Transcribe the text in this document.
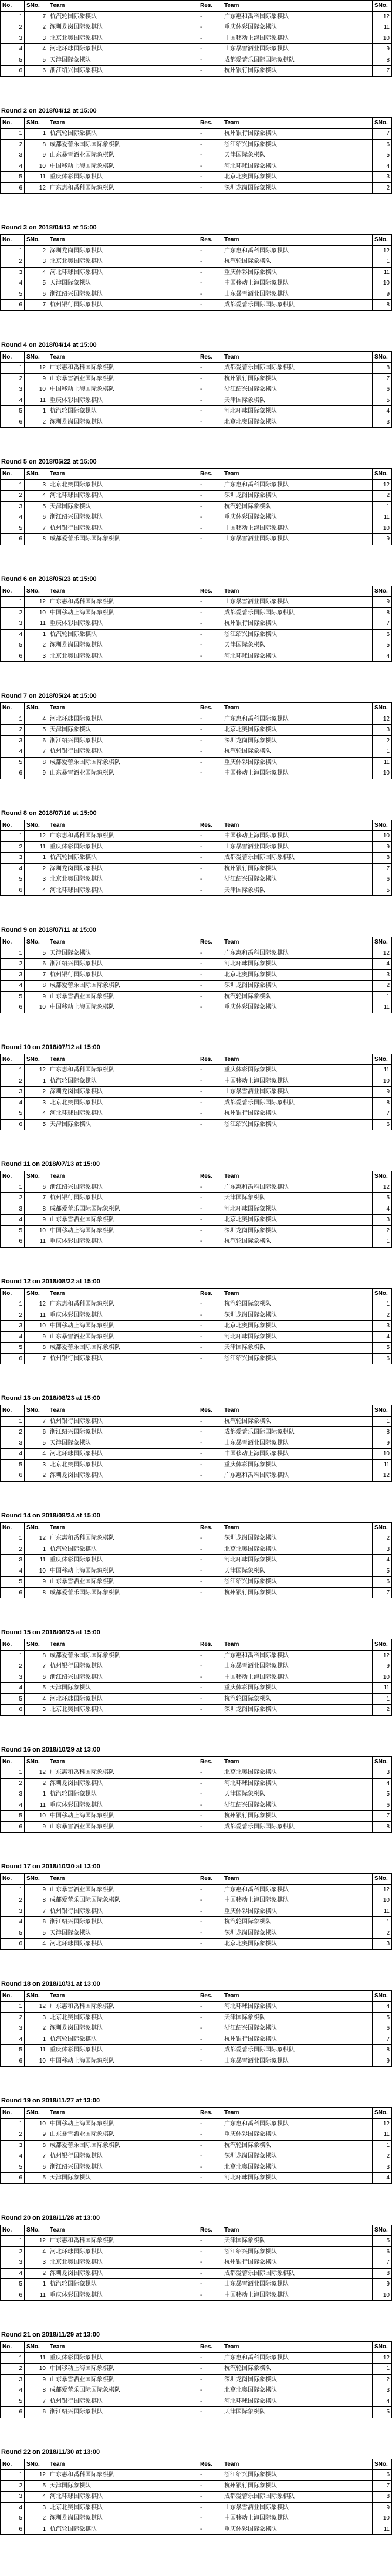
No.	SNo.	Team	Res.	Team	SNo.
1	7	杭汽轮国际象棋队	-	广东惠和禹科国际象棋队	12
2	2	深圳龙岗国际象棋队	-	重庆体彩国际象棋队	11
3	3	北京北奥国际象棋队	-	中国移动上海国际象棋队	10
4	4	河北环球国际象棋队	-	山东暴雪酒业国际象棋队	9
5	5	天津国际象棋队	-	成都爱蕾乐国际国际象棋队	8
6	6	浙江绍兴国际象棋队	-	杭州银行国际象棋队	7
Round 2 on 2018/04/12 at 15:00
No.	SNo.	Team	Res.	Team	SNo.
1	1	杭汽轮国际象棋队	-	杭州银行国际象棋队	7
2	8	成都爱蕾乐国际国际象棋队	-	浙江绍兴国际象棋队	6
3	9	山东暴雪酒业国际象棋队	-	天津国际象棋队	5
4	10	中国移动上海国际象棋队	-	河北环球国际象棋队	4
5	11	重庆体彩国际象棋队	-	北京北奥国际象棋队	3
6	12	广东惠和禹科国际象棋队	-	深圳龙岗国际象棋队	2
Round 3 on 2018/04/13 at 15:00
No.	SNo.	Team	Res.	Team	SNo.
1	2	深圳龙岗国际象棋队	-	广东惠和禹科国际象棋队	12
2	3	北京北奥国际象棋队	-	杭汽轮国际象棋队	1
3	4	河北环球国际象棋队	-	重庆体彩国际象棋队	11
4	5	天津国际象棋队	-	中国移动上海国际象棋队	10
5	6	浙江绍兴国际象棋队	-	山东暴雪酒业国际象棋队	9
6	7	杭州银行国际象棋队	-	成都爱蕾乐国际国际象棋队	8
Round 4 on 2018/04/14 at 15:00
No.	SNo.	Team	Res.	Team	SNo.
1	12	广东惠和禹科国际象棋队	-	成都爱蕾乐国际国际象棋队	8
2	9	山东暴雪酒业国际象棋队	-	杭州银行国际象棋队	7
3	10	中国移动上海国际象棋队	-	浙江绍兴国际象棋队	6
4	11	重庆体彩国际象棋队	-	天津国际象棋队	5
5	1	杭汽轮国际象棋队	-	河北环球国际象棋队	4
6	2	深圳龙岗国际象棋队	-	北京北奥国际象棋队	3
Round 5 on 2018/05/22 at 15:00
No.	SNo.	Team	Res.	Team	SNo.
1	3	北京北奥国际象棋队	-	广东惠和禹科国际象棋队	12
2	4	河北环球国际象棋队	-	深圳龙岗国际象棋队	2
3	5	天津国际象棋队	-	杭汽轮国际象棋队	1
4	6	浙江绍兴国际象棋队	-	重庆体彩国际象棋队	11
5	7	杭州银行国际象棋队	-	中国移动上海国际象棋队	10
6	8	成都爱蕾乐国际国际象棋队	-	山东暴雪酒业国际象棋队	9
Round 6 on 2018/05/23 at 15:00
No.	SNo.	Team	Res.	Team	SNo.
1	12	广东惠和禹科国际象棋队	-	山东暴雪酒业国际象棋队	9
2	10	中国移动上海国际象棋队	-	成都爱蕾乐国际国际象棋队	8
3	11	重庆体彩国际象棋队	-	杭州银行国际象棋队	7
4	1	杭汽轮国际象棋队	-	浙江绍兴国际象棋队	6
5	2	深圳龙岗国际象棋队	-	天津国际象棋队	5
6	3	北京北奥国际象棋队	-	河北环球国际象棋队	4
Round 7 on 2018/05/24 at 15:00
No.	SNo.	Team	Res.	Team	SNo.
1	4	河北环球国际象棋队	-	广东惠和禹科国际象棋队	12
2	5	天津国际象棋队	-	北京北奥国际象棋队	3
3	6	浙江绍兴国际象棋队	-	深圳龙岗国际象棋队	2
4	7	杭州银行国际象棋队	-	杭汽轮国际象棋队	1
5	8	成都爱蕾乐国际国际象棋队	-	重庆体彩国际象棋队	11
6	9	山东暴雪酒业国际象棋队	-	中国移动上海国际象棋队	10
Round 8 on 2018/07/10 at 15:00
No.	SNo.	Team	Res.	Team	SNo.
1	12	广东惠和禹科国际象棋队	-	中国移动上海国际象棋队	10
2	11	重庆体彩国际象棋队	-	山东暴雪酒业国际象棋队	9
3	1	杭汽轮国际象棋队	-	成都爱蕾乐国际国际象棋队	8
4	2	深圳龙岗国际象棋队	-	杭州银行国际象棋队	7
5	3	北京北奥国际象棋队	-	浙江绍兴国际象棋队	6
6	4	河北环球国际象棋队	-	天津国际象棋队	5
Round 9 on 2018/07/11 at 15:00
No.	SNo.	Team	Res.	Team	SNo.
1	5	天津国际象棋队	-	广东惠和禹科国际象棋队	12
2	6	浙江绍兴国际象棋队	-	河北环球国际象棋队	4
3	7	杭州银行国际象棋队	-	北京北奥国际象棋队	3
4	8	成都爱蕾乐国际国际象棋队	-	深圳龙岗国际象棋队	2
5	9	山东暴雪酒业国际象棋队	-	杭汽轮国际象棋队	1
6	10	中国移动上海国际象棋队	-	重庆体彩国际象棋队	11
Round 10 on 2018/07/12 at 15:00
No.	SNo.	Team	Res.	Team	SNo.
1	12	广东惠和禹科国际象棋队	-	重庆体彩国际象棋队	11
2	1	杭汽轮国际象棋队	-	中国移动上海国际象棋队	10
3	2	深圳龙岗国际象棋队	-	山东暴雪酒业国际象棋队	9
4	3	北京北奥国际象棋队	-	成都爱蕾乐国际国际象棋队	8
5	4	河北环球国际象棋队	-	杭州银行国际象棋队	7
6	5	天津国际象棋队	-	浙江绍兴国际象棋队	6
Round 11 on 2018/07/13 at 15:00
No.	SNo.	Team	Res.	Team	SNo.
1	6	浙江绍兴国际象棋队	-	广东惠和禹科国际象棋队	12
2	7	杭州银行国际象棋队	-	天津国际象棋队	5
3	8	成都爱蕾乐国际国际象棋队	-	河北环球国际象棋队	4
4	9	山东暴雪酒业国际象棋队	-	北京北奥国际象棋队	3
5	10	中国移动上海国际象棋队	-	深圳龙岗国际象棋队	2
6	11	重庆体彩国际象棋队	-	杭汽轮国际象棋队	1
Round 12 on 2018/08/22 at 15:00
No.	SNo.	Team	Res.	Team	SNo.
1	12	广东惠和禹科国际象棋队	-	杭汽轮国际象棋队	1
2	11	重庆体彩国际象棋队	-	深圳龙岗国际象棋队	2
3	10	中国移动上海国际象棋队	-	北京北奥国际象棋队	3
4	9	山东暴雪酒业国际象棋队	-	河北环球国际象棋队	4
5	8	成都爱蕾乐国际国际象棋队	-	天津国际象棋队	5
6	7	杭州银行国际象棋队	-	浙江绍兴国际象棋队	6
Round 13 on 2018/08/23 at 15:00
No.	SNo.	Team	Res.	Team	SNo.
1	7	杭州银行国际象棋队	-	杭汽轮国际象棋队	1
2	6	浙江绍兴国际象棋队	-	成都爱蕾乐国际国际象棋队	8
3	5	天津国际象棋队	-	山东暴雪酒业国际象棋队	9
4	4	河北环球国际象棋队	-	中国移动上海国际象棋队	10
5	3	北京北奥国际象棋队	-	重庆体彩国际象棋队	11
6	2	深圳龙岗国际象棋队	-	广东惠和禹科国际象棋队	12
Round 14 on 2018/08/24 at 15:00
No.	SNo.	Team	Res.	Team	SNo.
1	12	广东惠和禹科国际象棋队	-	深圳龙岗国际象棋队	2
2	1	杭汽轮国际象棋队	-	北京北奥国际象棋队	3
3	11	重庆体彩国际象棋队	-	河北环球国际象棋队	4
4	10	中国移动上海国际象棋队	-	天津国际象棋队	5
5	9	山东暴雪酒业国际象棋队	-	浙江绍兴国际象棋队	6
6	8	成都爱蕾乐国际国际象棋队	-	杭州银行国际象棋队	7
Round 15 on 2018/08/25 at 15:00
No.	SNo.	Team	Res.	Team	SNo.
1	8	成都爱蕾乐国际国际象棋队	-	广东惠和禹科国际象棋队	12
2	7	杭州银行国际象棋队	-	山东暴雪酒业国际象棋队	9
3	6	浙江绍兴国际象棋队	-	中国移动上海国际象棋队	10
4	5	天津国际象棋队	-	重庆体彩国际象棋队	11
5	4	河北环球国际象棋队	-	杭汽轮国际象棋队	1
6	3	北京北奥国际象棋队	-	深圳龙岗国际象棋队	2
Round 16 on 2018/10/29 at 13:00
No.	SNo.	Team	Res.	Team	SNo.
1	12	广东惠和禹科国际象棋队	-	北京北奥国际象棋队	3
2	2	深圳龙岗国际象棋队	-	河北环球国际象棋队	4
3	1	杭汽轮国际象棋队	-	天津国际象棋队	5
4	11	重庆体彩国际象棋队	-	浙江绍兴国际象棋队	6
5	10	中国移动上海国际象棋队	-	杭州银行国际象棋队	7
6	9	山东暴雪酒业国际象棋队	-	成都爱蕾乐国际国际象棋队	8
Round 17 on 2018/10/30 at 13:00
No.	SNo.	Team	Res.	Team	SNo.
1	9	山东暴雪酒业国际象棋队	-	广东惠和禹科国际象棋队	12
2	8	成都爱蕾乐国际国际象棋队	-	中国移动上海国际象棋队	10
3	7	杭州银行国际象棋队	-	重庆体彩国际象棋队	11
4	6	浙江绍兴国际象棋队	-	杭汽轮国际象棋队	1
5	5	天津国际象棋队	-	深圳龙岗国际象棋队	2
6	4	河北环球国际象棋队	-	北京北奥国际象棋队	3
Round 18 on 2018/10/31 at 13:00
No.	SNo.	Team	Res.	Team	SNo.
1	12	广东惠和禹科国际象棋队	-	河北环球国际象棋队	4
2	3	北京北奥国际象棋队	-	天津国际象棋队	5
3	2	深圳龙岗国际象棋队	-	浙江绍兴国际象棋队	6
4	1	杭汽轮国际象棋队	-	杭州银行国际象棋队	7
5	11	重庆体彩国际象棋队	-	成都爱蕾乐国际国际象棋队	8
6	10	中国移动上海国际象棋队	-	山东暴雪酒业国际象棋队	9
Round 19 on 2018/11/27 at 13:00
No.	SNo.	Team	Res.	Team	SNo.
1	10	中国移动上海国际象棋队	-	广东惠和禹科国际象棋队	12
2	9	山东暴雪酒业国际象棋队	-	重庆体彩国际象棋队	11
3	8	成都爱蕾乐国际国际象棋队	-	杭汽轮国际象棋队	1
4	7	杭州银行国际象棋队	-	深圳龙岗国际象棋队	2
5	6	浙江绍兴国际象棋队	-	北京北奥国际象棋队	3
6	5	天津国际象棋队	-	河北环球国际象棋队	4
Round 20 on 2018/11/28 at 13:00
No.	SNo.	Team	Res.	Team	SNo.
1	12	广东惠和禹科国际象棋队	-	天津国际象棋队	5
2	4	河北环球国际象棋队	-	浙江绍兴国际象棋队	6
3	3	北京北奥国际象棋队	-	杭州银行国际象棋队	7
4	2	深圳龙岗国际象棋队	-	成都爱蕾乐国际国际象棋队	8
5	1	杭汽轮国际象棋队	-	山东暴雪酒业国际象棋队	9
6	11	重庆体彩国际象棋队	-	中国移动上海国际象棋队	10
Round 21 on 2018/11/29 at 13:00
No.	SNo.	Team	Res.	Team	SNo.
1	11	重庆体彩国际象棋队	-	广东惠和禹科国际象棋队	12
2	10	中国移动上海国际象棋队	-	杭汽轮国际象棋队	1
3	9	山东暴雪酒业国际象棋队	-	深圳龙岗国际象棋队	2
4	8	成都爱蕾乐国际国际象棋队	-	北京北奥国际象棋队	3
5	7	杭州银行国际象棋队	-	河北环球国际象棋队	4
6	6	浙江绍兴国际象棋队	-	天津国际象棋队	5
Round 22 on 2018/11/30 at 13:00
No.	SNo.	Team	Res.	Team	SNo.
1	12	广东惠和禹科国际象棋队	-	浙江绍兴国际象棋队	6
2	5	天津国际象棋队	-	杭州银行国际象棋队	7
3	4	河北环球国际象棋队	-	成都爱蕾乐国际国际象棋队	8
4	3	北京北奥国际象棋队	-	山东暴雪酒业国际象棋队	9
5	2	深圳龙岗国际象棋队	-	中国移动上海国际象棋队	10
6	1	杭汽轮国际象棋队	-	重庆体彩国际象棋队	11
